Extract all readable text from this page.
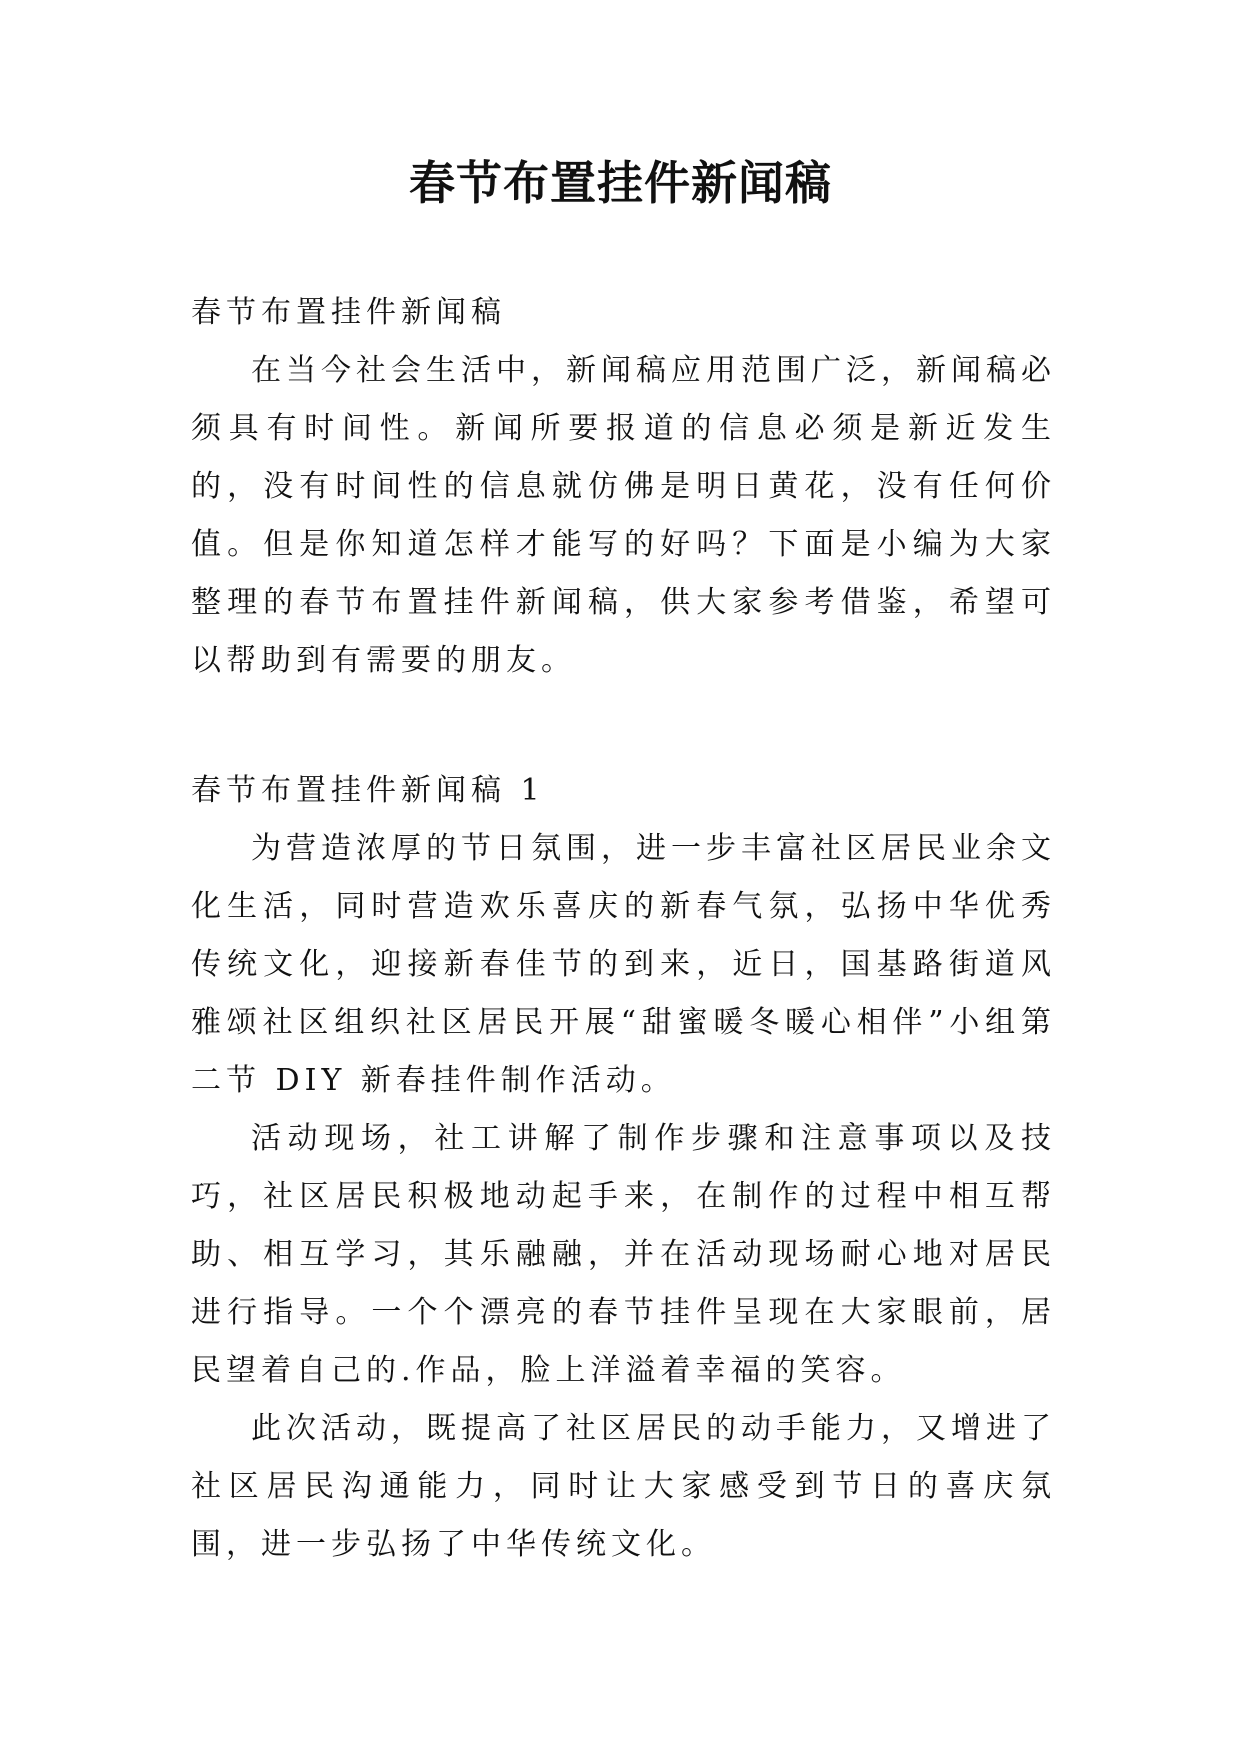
春节布置挂件新闻稿

春节布置挂件新闻稿

在当今社会生活中，新闻稿应用范围广泛，新闻稿必须具有时间性。新闻所要报道的信息必须是新近发生的，没有时间性的信息就仿佛是明日黄花，没有任何价值。但是你知道怎样才能写的好吗？下面是小编为大家整理的春节布置挂件新闻稿，供大家参考借鉴，希望可以帮助到有需要的朋友。

春节布置挂件新闻稿 1

为营造浓厚的节日氛围，进一步丰富社区居民业余文化生活，同时营造欢乐喜庆的新春气氛，弘扬中华优秀传统文化，迎接新春佳节的到来，近日，国基路街道风雅颂社区组织社区居民开展“甜蜜暖冬暖心相伴”小组第二节 DIY 新春挂件制作活动。

活动现场，社工讲解了制作步骤和注意事项以及技巧，社区居民积极地动起手来，在制作的过程中相互帮助、相互学习，其乐融融，并在活动现场耐心地对居民进行指导。一个个漂亮的春节挂件呈现在大家眼前，居民望着自己的.作品，脸上洋溢着幸福的笑容。

此次活动，既提高了社区居民的动手能力，又增进了社区居民沟通能力，同时让大家感受到节日的喜庆氛围，进一步弘扬了中华传统文化。
